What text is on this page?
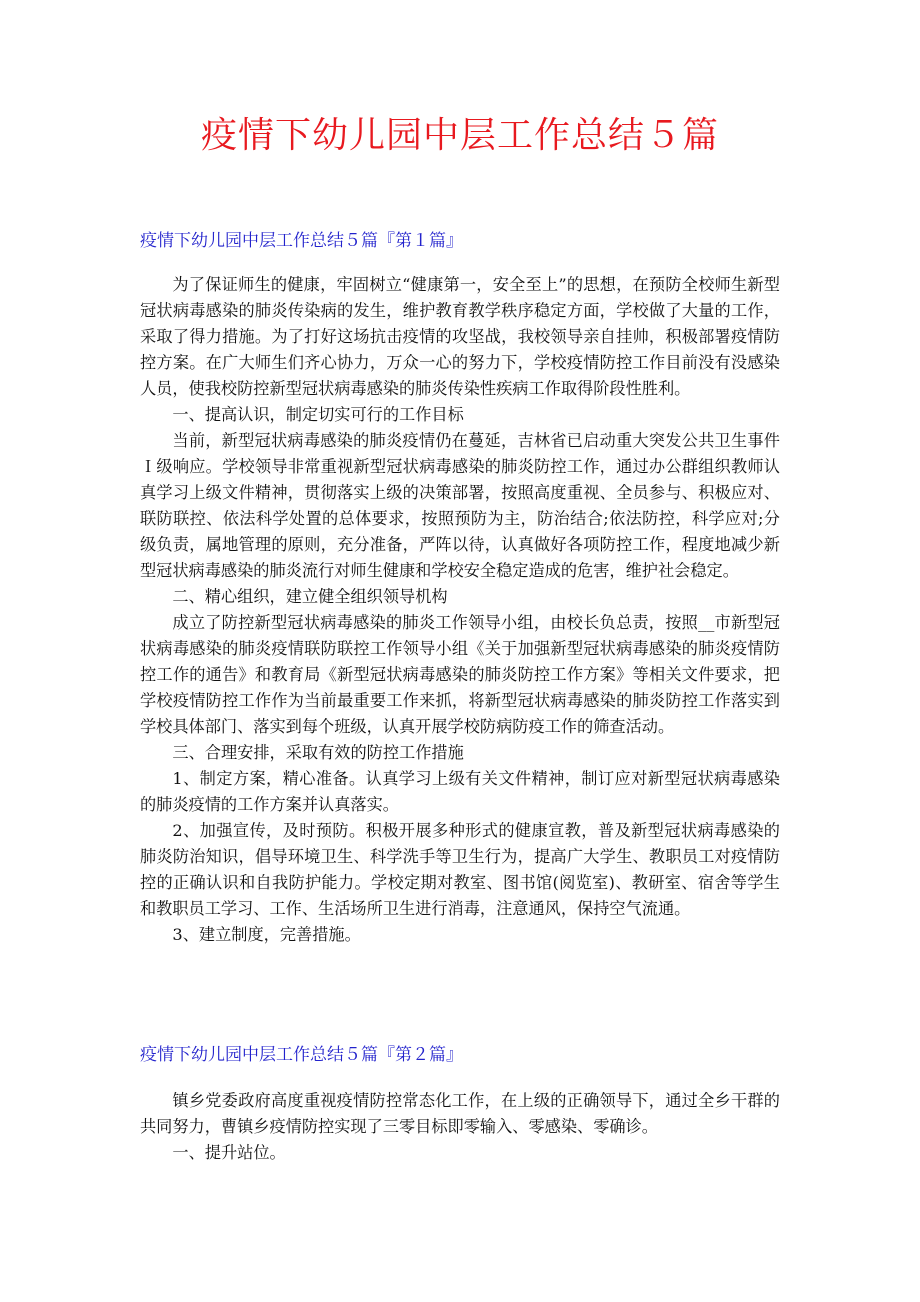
疫情下幼儿园中层工作总结５篇
疫情下幼儿园中层工作总结５篇『第１篇』

为了保证师生的健康，牢固树立“健康第一，安全至上”的思想，在预防全校师生新型冠状病毒感染的肺炎传染病的发生，维护教育教学秩序稳定方面，学校做了大量的工作，采取了得力措施。为了打好这场抗击疫情的攻坚战，我校领导亲自挂帅，积极部署疫情防控方案。在广大师生们齐心协力，万众一心的努力下，学校疫情防控工作目前没有没感染人员，使我校防控新型冠状病毒感染的肺炎传染性疾病工作取得阶段性胜利。

一、提高认识，制定切实可行的工作目标

当前，新型冠状病毒感染的肺炎疫情仍在蔓延，吉林省已启动重大突发公共卫生事件Ｉ级响应。学校领导非常重视新型冠状病毒感染的肺炎防控工作，通过办公群组织教师认真学习上级文件精神，贯彻落实上级的决策部署，按照高度重视、全员参与、积极应对、联防联控、依法科学处置的总体要求，按照预防为主，防治结合;依法防控，科学应对;分级负责，属地管理的原则，充分准备，严阵以待，认真做好各项防控工作，程度地减少新型冠状病毒感染的肺炎流行对师生健康和学校安全稳定造成的危害，维护社会稳定。

二、精心组织，建立健全组织领导机构

成立了防控新型冠状病毒感染的肺炎工作领导小组，由校长负总责，按照__市新型冠状病毒感染的肺炎疫情联防联控工作领导小组《关于加强新型冠状病毒感染的肺炎疫情防控工作的通告》和教育局《新型冠状病毒感染的肺炎防控工作方案》等相关文件要求，把学校疫情防控工作作为当前最重要工作来抓，将新型冠状病毒感染的肺炎防控工作落实到学校具体部门、落实到每个班级，认真开展学校防病防疫工作的筛查活动。

三、合理安排，采取有效的防控工作措施

1、制定方案，精心准备。认真学习上级有关文件精神，制订应对新型冠状病毒感染的肺炎疫情的工作方案并认真落实。

2、加强宣传，及时预防。积极开展多种形式的健康宣教，普及新型冠状病毒感染的肺炎防治知识，倡导环境卫生、科学洗手等卫生行为，提高广大学生、教职员工对疫情防控的正确认识和自我防护能力。学校定期对教室、图书馆(阅览室)、教研室、宿舍等学生和教职员工学习、工作、生活场所卫生进行消毒，注意通风，保持空气流通。

3、建立制度，完善措施。

疫情下幼儿园中层工作总结５篇『第２篇』

镇乡党委政府高度重视疫情防控常态化工作，在上级的正确领导下，通过全乡干群的共同努力，曹镇乡疫情防控实现了三零目标即零输入、零感染、零确诊。

一、提升站位。
